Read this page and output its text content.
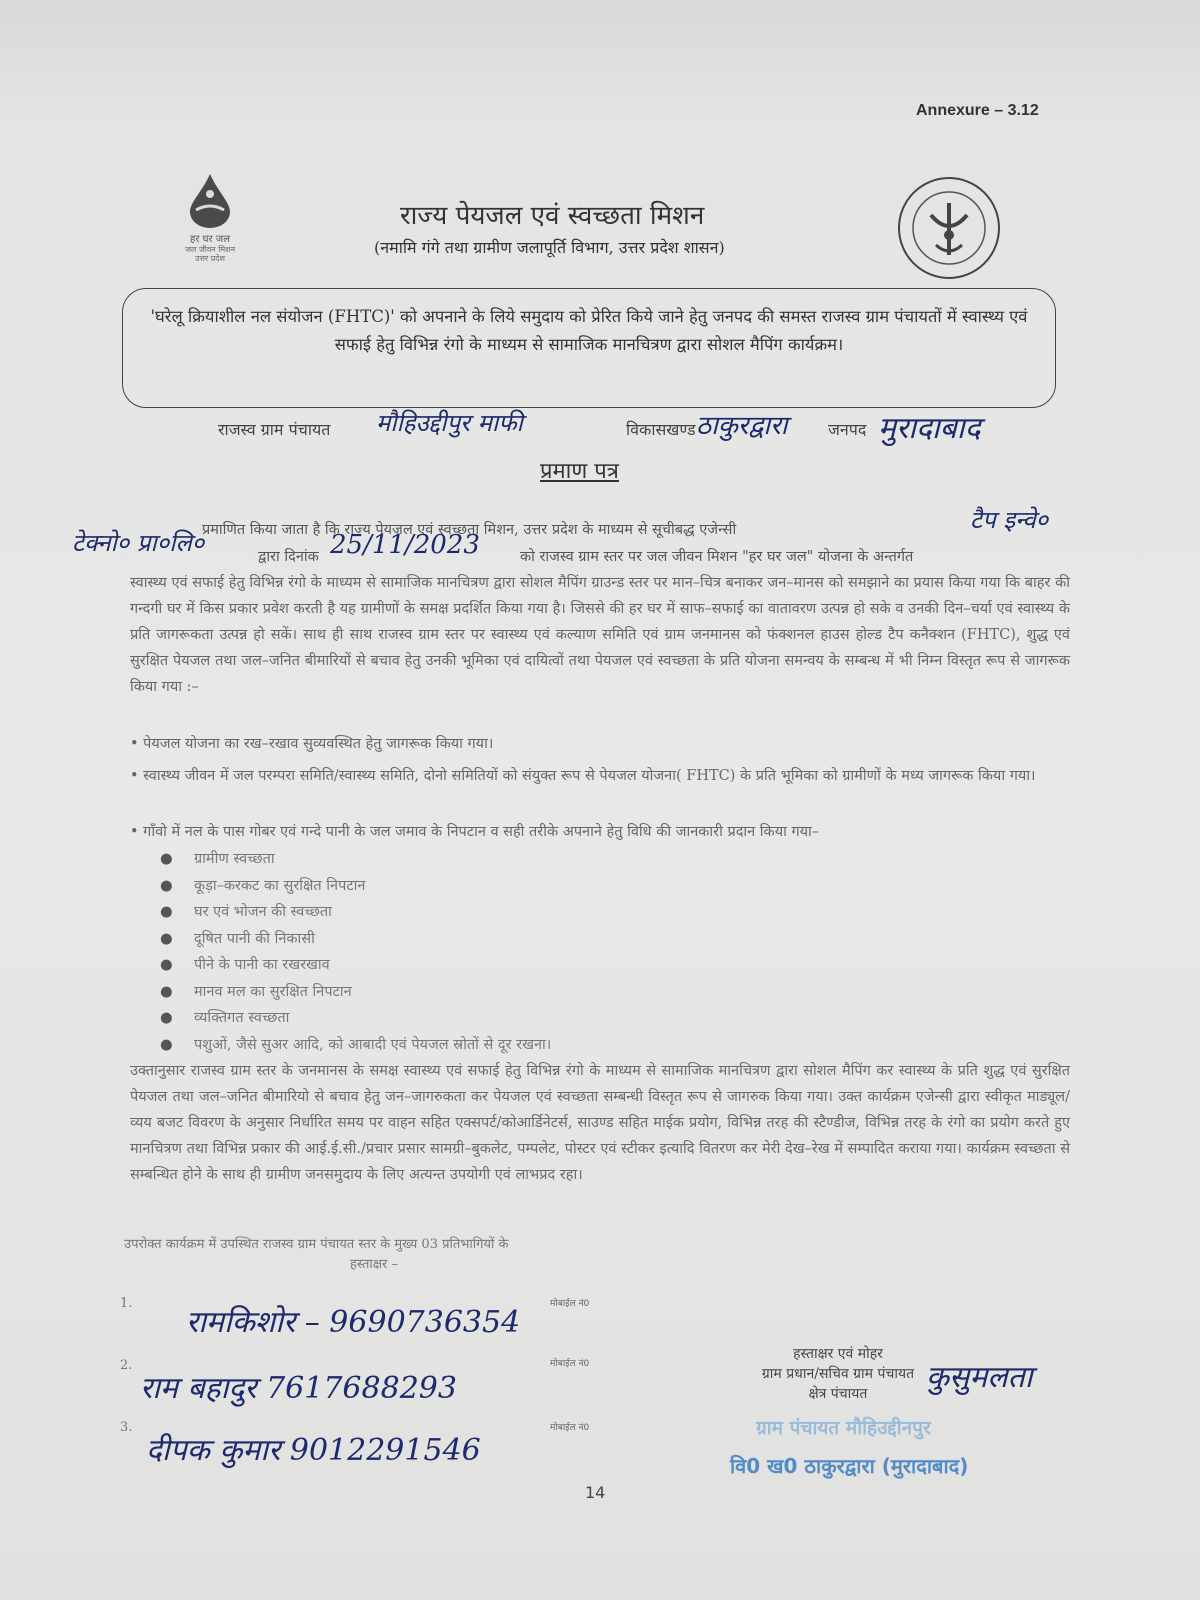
Annexure – 3.12
हर घर जल
जल जीवन मिशन
उत्तर प्रदेश
राज्य पेयजल एवं स्वच्छता मिशन
(नमामि गंगे तथा ग्रामीण जलापूर्ति विभाग, उत्तर प्रदेश शासन)
'घरेलू क्रियाशील नल संयोजन (FHTC)' को अपनाने के लिये समुदाय को प्रेरित किये जाने हेतु जनपद की समस्त राजस्व ग्राम पंचायतों में स्वास्थ्य एवं सफाई हेतु विभिन्न रंगो के माध्यम से सामाजिक मानचित्रण द्वारा सोशल मैपिंग कार्यक्रम।
राजस्व ग्राम पंचायत मौहिउद्दीपुर माफी	विकासखण्ड ठाकुरद्वारा	जनपद मुरादाबाद
प्रमाण पत्र
प्रमाणित किया जाता है कि राज्य पेयजल एवं स्वच्छता मिशन, उत्तर प्रदेश के माध्यम से सूचीबद्ध एजेन्सी	टैप इन्वे०
टेक्नो० प्रा०लि०	द्वारा दिनांक 25/11/2023	को राजस्व ग्राम स्तर पर जल जीवन मिशन "हर घर जल" योजना के अन्तर्गत
स्वास्थ्य एवं सफाई हेतु विभिन्न रंगो के माध्यम से सामाजिक मानचित्रण द्वारा सोशल मैपिंग ग्राउन्ड स्तर पर मान–चित्र बनाकर जन–मानस को समझाने का प्रयास किया गया कि बाहर की गन्दगी घर में किस प्रकार प्रवेश करती है यह ग्रामीणों के समक्ष प्रदर्शित किया गया है। जिससे की हर घर में साफ–सफाई का वातावरण उत्पन्न हो सके व उनकी दिन–चर्या एवं स्वास्थ्य के प्रति जागरूकता उत्पन्न हो सकें। साथ ही साथ राजस्व ग्राम स्तर पर स्वास्थ्य एवं कल्याण समिति एवं ग्राम जनमानस को फंक्शनल हाउस होल्ड टैप कनैक्शन (FHTC), शुद्ध एवं सुरक्षित पेयजल तथा जल–जनित बीमारियों से बचाव हेतु उनकी भूमिका एवं दायित्वों तथा पेयजल एवं स्वच्छता के प्रति योजना समन्वय के सम्बन्ध में भी निम्न विस्तृत रूप से जागरूक किया गया :–
• पेयजल योजना का रख–रखाव सुव्यवस्थित हेतु जागरूक किया गया।
• स्वास्थ्य जीवन में जल परम्परा समिति/स्वास्थ्य समिति, दोनो समितियों को संयुक्त रूप से पेयजल योजना( FHTC) के प्रति भूमिका को ग्रामीणों के मध्य जागरूक किया गया।
• गाँवो में नल के पास गोबर एवं गन्दे पानी के जल जमाव के निपटान व सही तरीके अपनाने हेतु विधि की जानकारी प्रदान किया गया–
● ग्रामीण स्वच्छता
● कूड़ा–करकट का सुरक्षित निपटान
● घर एवं भोजन की स्वच्छता
● दूषित पानी की निकासी
● पीने के पानी का रखरखाव
● मानव मल का सुरक्षित निपटान
● व्यक्तिगत स्वच्छता
● पशुओं, जैसे सुअर आदि, को आबादी एवं पेयजल स्रोतों से दूर रखना।
उक्तानुसार राजस्व ग्राम स्तर के जनमानस के समक्ष स्वास्थ्य एवं सफाई हेतु विभिन्न रंगो के माध्यम से सामाजिक मानचित्रण द्वारा सोशल मैपिंग कर स्वास्थ्य के प्रति शुद्ध एवं सुरक्षित पेयजल तथा जल–जनित बीमारियो से बचाव हेतु जन–जागरुकता कर पेयजल एवं स्वच्छता सम्बन्धी विस्तृत रूप से जागरुक किया गया। उक्त कार्यक्रम एजेन्सी द्वारा स्वीकृत माड्यूल/व्यय बजट विवरण के अनुसार निर्धारित समय पर वाहन सहित एक्सपर्ट/कोआर्डिनेटर्स, साउण्ड सहित माईक प्रयोग, विभिन्न तरह की स्टैण्डीज, विभिन्न तरह के रंगो का प्रयोग करते हुए मानचित्रण तथा विभिन्न प्रकार की आई.ई.सी./प्रचार प्रसार सामग्री–बुकलेट, पम्पलेट, पोस्टर एवं स्टीकर इत्यादि वितरण कर मेरी देख–रेख में सम्पादित कराया गया। कार्यक्रम स्वच्छता से सम्बन्धित होने के साथ ही ग्रामीण जनसमुदाय के लिए अत्यन्त उपयोगी एवं लाभप्रद रहा।
उपरोक्त कार्यक्रम में उपस्थित राजस्व ग्राम पंचायत स्तर के मुख्य 03 प्रतिभागियों के
हस्ताक्षर –
1.	मोबाईल नं0
रामकिशोर – 9690736354
2.	मोबाईल नं0
राम बहादुर 7617688293
3.	मोबाईल नं0
दीपक कुमार 9012291546
हस्ताक्षर एवं मोहर
ग्राम प्रधान/सचिव ग्राम पंचायत
क्षेत्र पंचायत	कुसुमलता
ग्राम पंचायत मौहिउद्दीनपुर
वि0 ख0 ठाकुरद्वारा (मुरादाबाद)
14
